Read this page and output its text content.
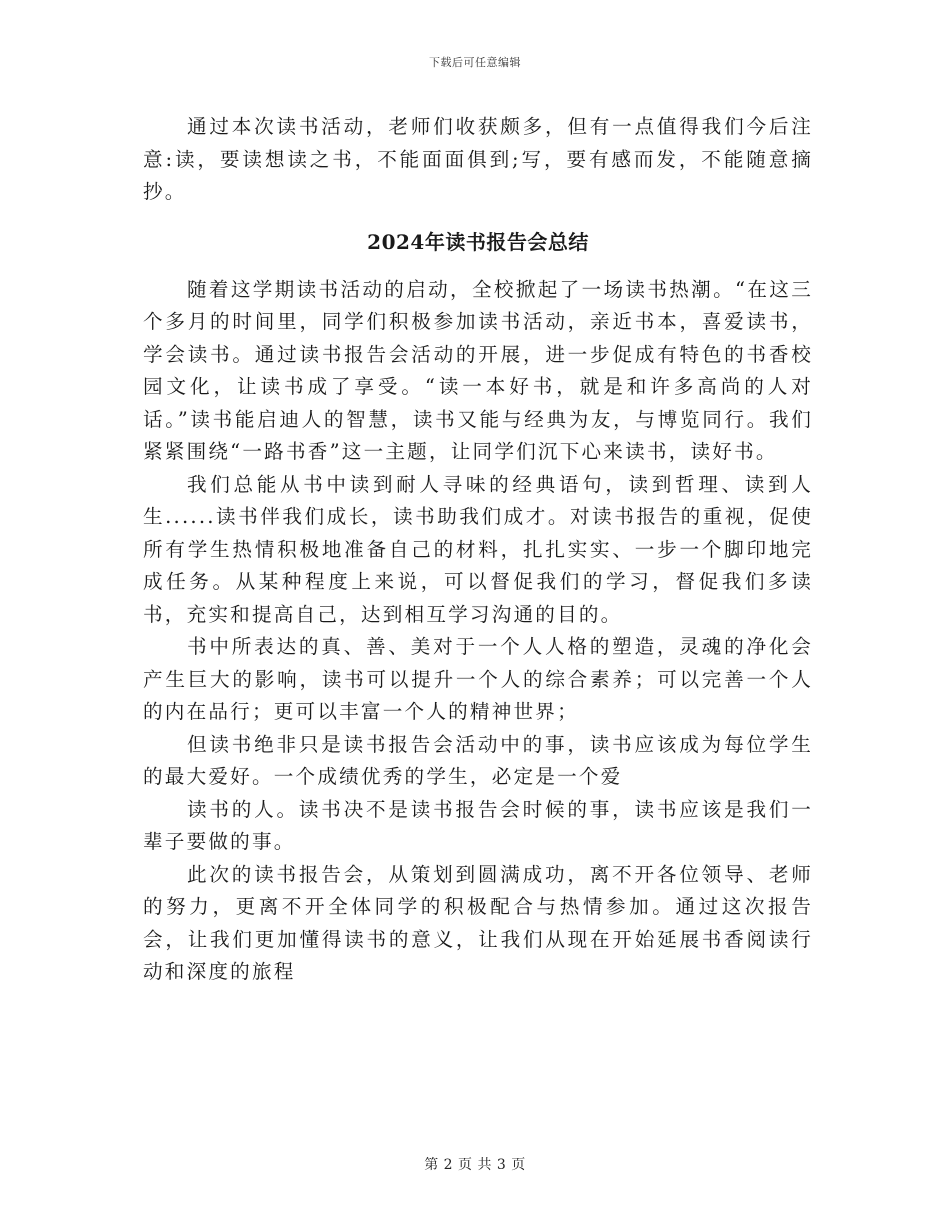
下载后可任意编辑

通过本次读书活动，老师们收获颇多，但有一点值得我们今后注意:读，要读想读之书，不能面面俱到;写，要有感而发，不能随意摘抄。

2024年读书报告会总结

随着这学期读书活动的启动，全校掀起了一场读书热潮。“在这三个多月的时间里，同学们积极参加读书活动，亲近书本，喜爱读书，学会读书。通过读书报告会活动的开展，进一步促成有特色的书香校园文化，让读书成了享受。“读一本好书，就是和许多高尚的人对话。”读书能启迪人的智慧，读书又能与经典为友，与博览同行。我们紧紧围绕“一路书香”这一主题，让同学们沉下心来读书，读好书。

我们总能从书中读到耐人寻味的经典语句，读到哲理、读到人生......读书伴我们成长，读书助我们成才。对读书报告的重视，促使所有学生热情积极地准备自己的材料，扎扎实实、一步一个脚印地完成任务。从某种程度上来说，可以督促我们的学习，督促我们多读书，充实和提高自己，达到相互学习沟通的目的。

书中所表达的真、善、美对于一个人人格的塑造，灵魂的净化会产生巨大的影响，读书可以提升一个人的综合素养；可以完善一个人的内在品行；更可以丰富一个人的精神世界；

但读书绝非只是读书报告会活动中的事，读书应该成为每位学生的最大爱好。一个成绩优秀的学生，必定是一个爱

读书的人。读书决不是读书报告会时候的事，读书应该是我们一辈子要做的事。

此次的读书报告会，从策划到圆满成功，离不开各位领导、老师的努力，更离不开全体同学的积极配合与热情参加。通过这次报告会，让我们更加懂得读书的意义，让我们从现在开始延展书香阅读行动和深度的旅程

第 2 页 共 3 页
